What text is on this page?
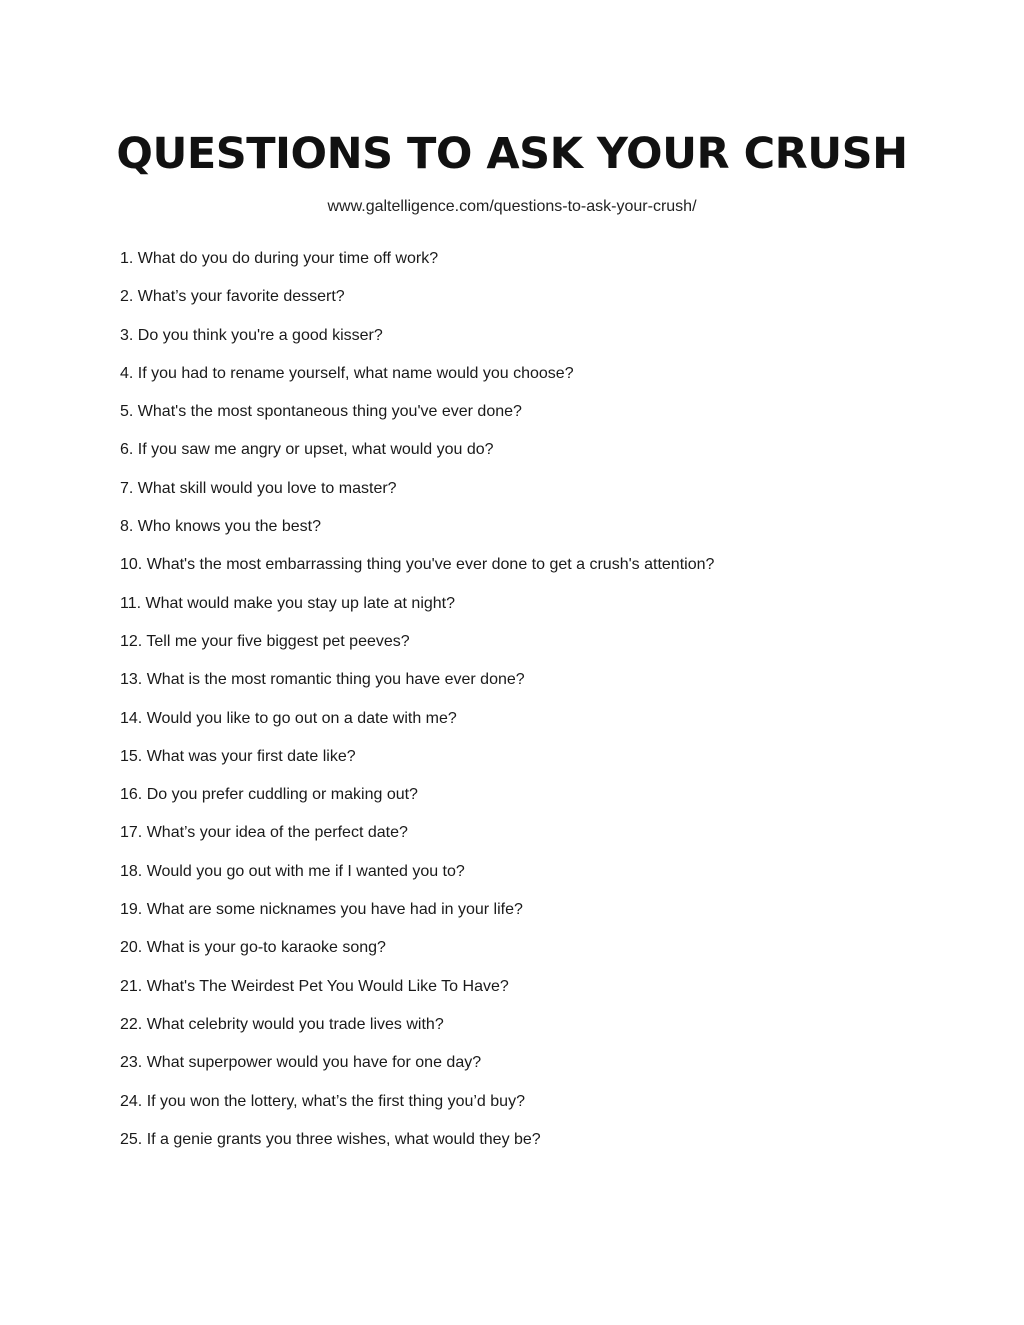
QUESTIONS TO ASK YOUR CRUSH
www.galtelligence.com/questions-to-ask-your-crush/
1. What do you do during your time off work?
2. What’s your favorite dessert?
3. Do you think you're a good kisser?
4. If you had to rename yourself, what name would you choose?
5. What's the most spontaneous thing you've ever done?
6. If you saw me angry or upset, what would you do?
7. What skill would you love to master?
8. Who knows you the best?
10. What's the most embarrassing thing you've ever done to get a crush's attention?
11. What would make you stay up late at night?
12. Tell me your five biggest pet peeves?
13. What is the most romantic thing you have ever done?
14. Would you like to go out on a date with me?
15. What was your first date like?
16. Do you prefer cuddling or making out?
17. What’s your idea of the perfect date?
18. Would you go out with me if I wanted you to?
19. What are some nicknames you have had in your life?
20. What is your go-to karaoke song?
21. What's The Weirdest Pet You Would Like To Have?
22. What celebrity would you trade lives with?
23. What superpower would you have for one day?
24. If you won the lottery, what’s the first thing you’d buy?
25. If a genie grants you three wishes, what would they be?
